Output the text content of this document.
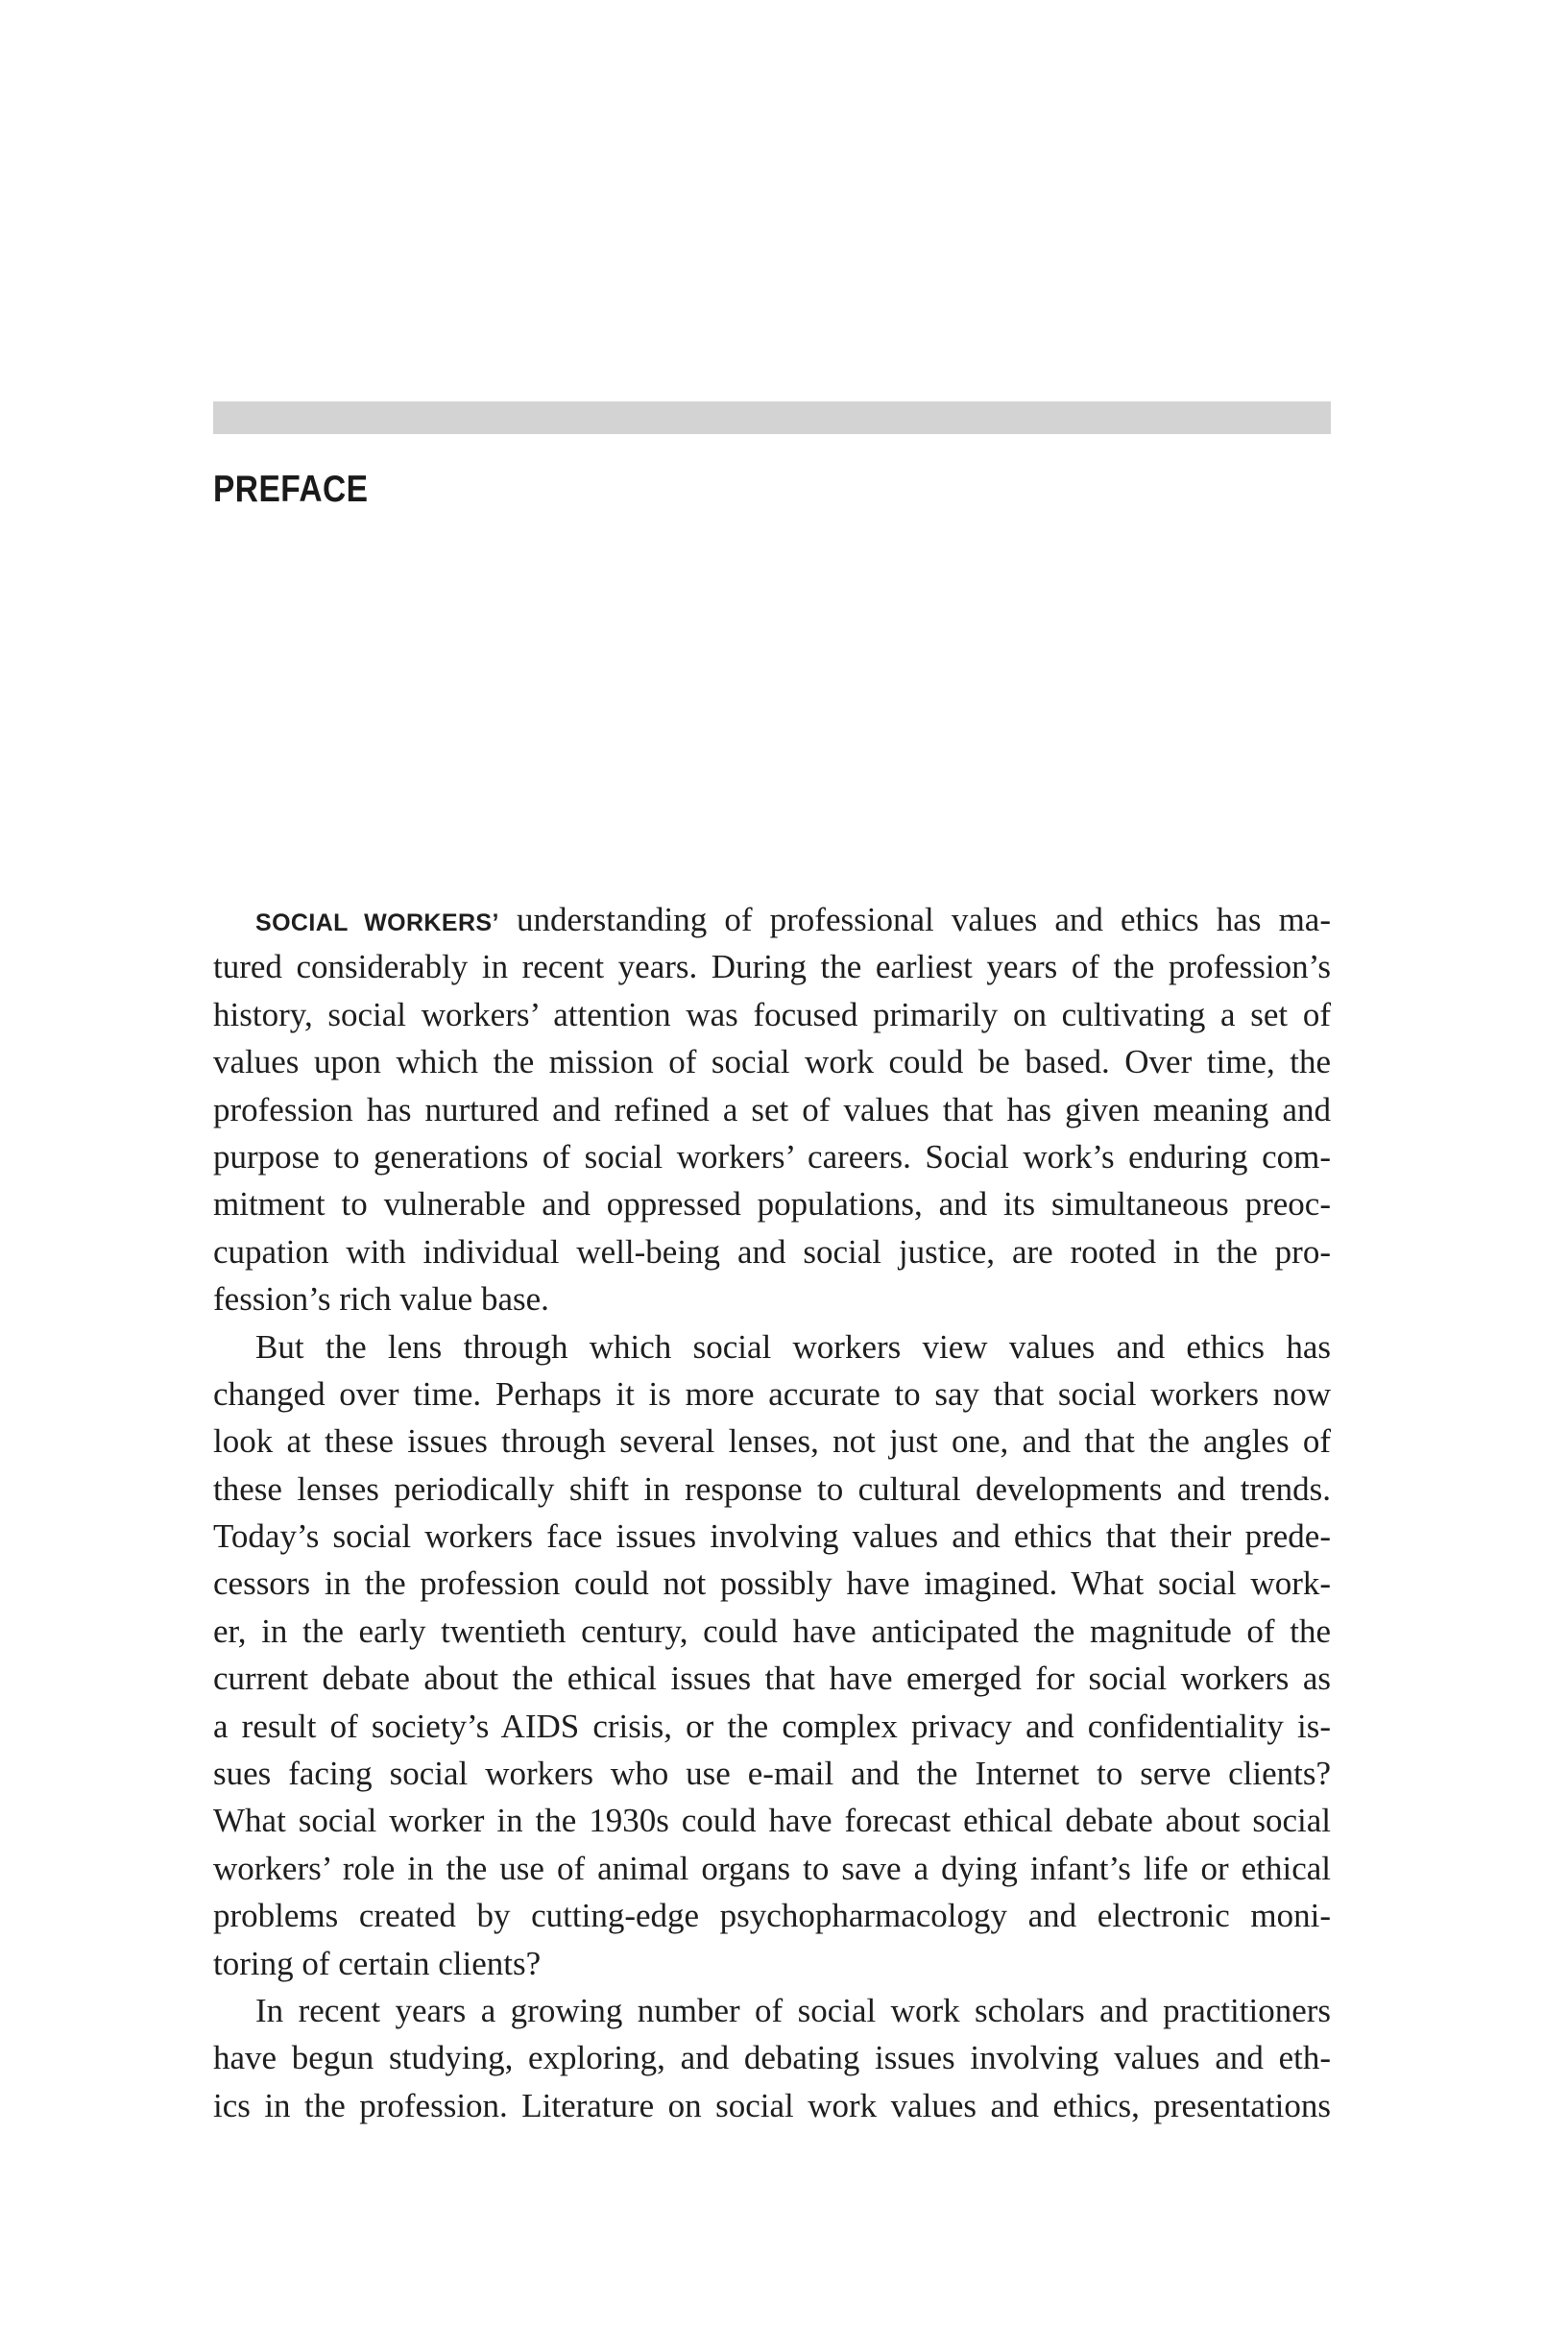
PREFACE
SOCIAL WORKERS’ understanding of professional values and ethics has ma-
tured considerably in recent years. During the earliest years of the profession’s
history, social workers’ attention was focused primarily on cultivating a set of
values upon which the mission of social work could be based. Over time, the
profession has nurtured and refined a set of values that has given meaning and
purpose to generations of social workers’ careers. Social work’s enduring com-
mitment to vulnerable and oppressed populations, and its simultaneous preoc-
cupation with individual well-being and social justice, are rooted in the pro-
fession’s rich value base.
But the lens through which social workers view values and ethics has
changed over time. Perhaps it is more accurate to say that social workers now
look at these issues through several lenses, not just one, and that the angles of
these lenses periodically shift in response to cultural developments and trends.
Today’s social workers face issues involving values and ethics that their prede-
cessors in the profession could not possibly have imagined. What social work-
er, in the early twentieth century, could have anticipated the magnitude of the
current debate about the ethical issues that have emerged for social workers as
a result of society’s AIDS crisis, or the complex privacy and confidentiality is-
sues facing social workers who use e-mail and the Internet to serve clients?
What social worker in the 1930s could have forecast ethical debate about social
workers’ role in the use of animal organs to save a dying infant’s life or ethical
problems created by cutting-edge psychopharmacology and electronic moni-
toring of certain clients?
In recent years a growing number of social work scholars and practitioners
have begun studying, exploring, and debating issues involving values and eth-
ics in the profession. Literature on social work values and ethics, presentations
